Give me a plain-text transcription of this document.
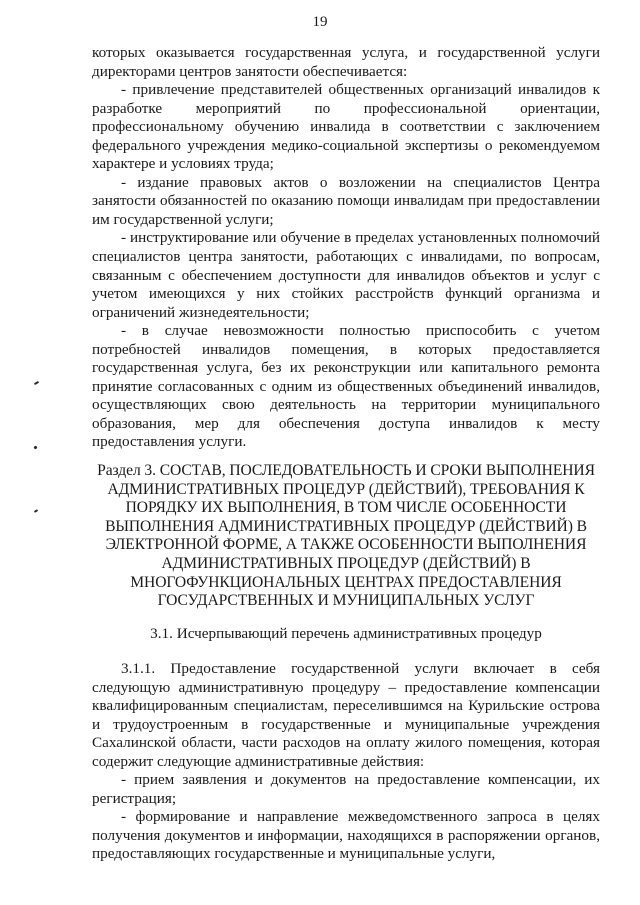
19

которых оказывается государственная услуга, и государственной услуги директорами центров занятости обеспечивается:

- привлечение представителей общественных организаций инвалидов к разработке мероприятий по профессиональной ориентации, профессиональному обучению инвалида в соответствии с заключением федерального учреждения медико-социальной экспертизы о рекомендуемом характере и условиях труда;

- издание правовых актов о возложении на специалистов Центра занятости обязанностей по оказанию помощи инвалидам при предоставлении им государственной услуги;

- инструктирование или обучение в пределах установленных полномочий специалистов центра занятости, работающих с инвалидами, по вопросам, связанным с обеспечением доступности для инвалидов объектов и услуг с учетом имеющихся у них стойких расстройств функций организма и ограничений жизнедеятельности;

- в случае невозможности полностью приспособить с учетом потребностей инвалидов помещения, в которых предоставляется государственная услуга, без их реконструкции или капитального ремонта принятие согласованных с одним из общественных объединений инвалидов, осуществляющих свою деятельность на территории муниципального образования, мер для обеспечения доступа инвалидов к месту предоставления услуги.

Раздел 3. СОСТАВ, ПОСЛЕДОВАТЕЛЬНОСТЬ И СРОКИ ВЫПОЛНЕНИЯ АДМИНИСТРАТИВНЫХ ПРОЦЕДУР (ДЕЙСТВИЙ), ТРЕБОВАНИЯ К ПОРЯДКУ ИХ ВЫПОЛНЕНИЯ, В ТОМ ЧИСЛЕ ОСОБЕННОСТИ ВЫПОЛНЕНИЯ АДМИНИСТРАТИВНЫХ ПРОЦЕДУР (ДЕЙСТВИЙ) В ЭЛЕКТРОННОЙ ФОРМЕ, А ТАКЖЕ ОСОБЕННОСТИ ВЫПОЛНЕНИЯ АДМИНИСТРАТИВНЫХ ПРОЦЕДУР (ДЕЙСТВИЙ) В МНОГОФУНКЦИОНАЛЬНЫХ ЦЕНТРАХ ПРЕДОСТАВЛЕНИЯ ГОСУДАРСТВЕННЫХ И МУНИЦИПАЛЬНЫХ УСЛУГ
3.1. Исчерпывающий перечень административных процедур

3.1.1. Предоставление государственной услуги включает в себя следующую административную процедуру – предоставление компенсации квалифицированным специалистам, переселившимся на Курильские острова и трудоустроенным в государственные и муниципальные учреждения Сахалинской области, части расходов на оплату жилого помещения, которая содержит следующие административные действия:

- прием заявления и документов на предоставление компенсации, их регистрация;

- формирование и направление межведомственного запроса в целях получения документов и информации, находящихся в распоряжении органов, предоставляющих государственные и муниципальные услуги,
